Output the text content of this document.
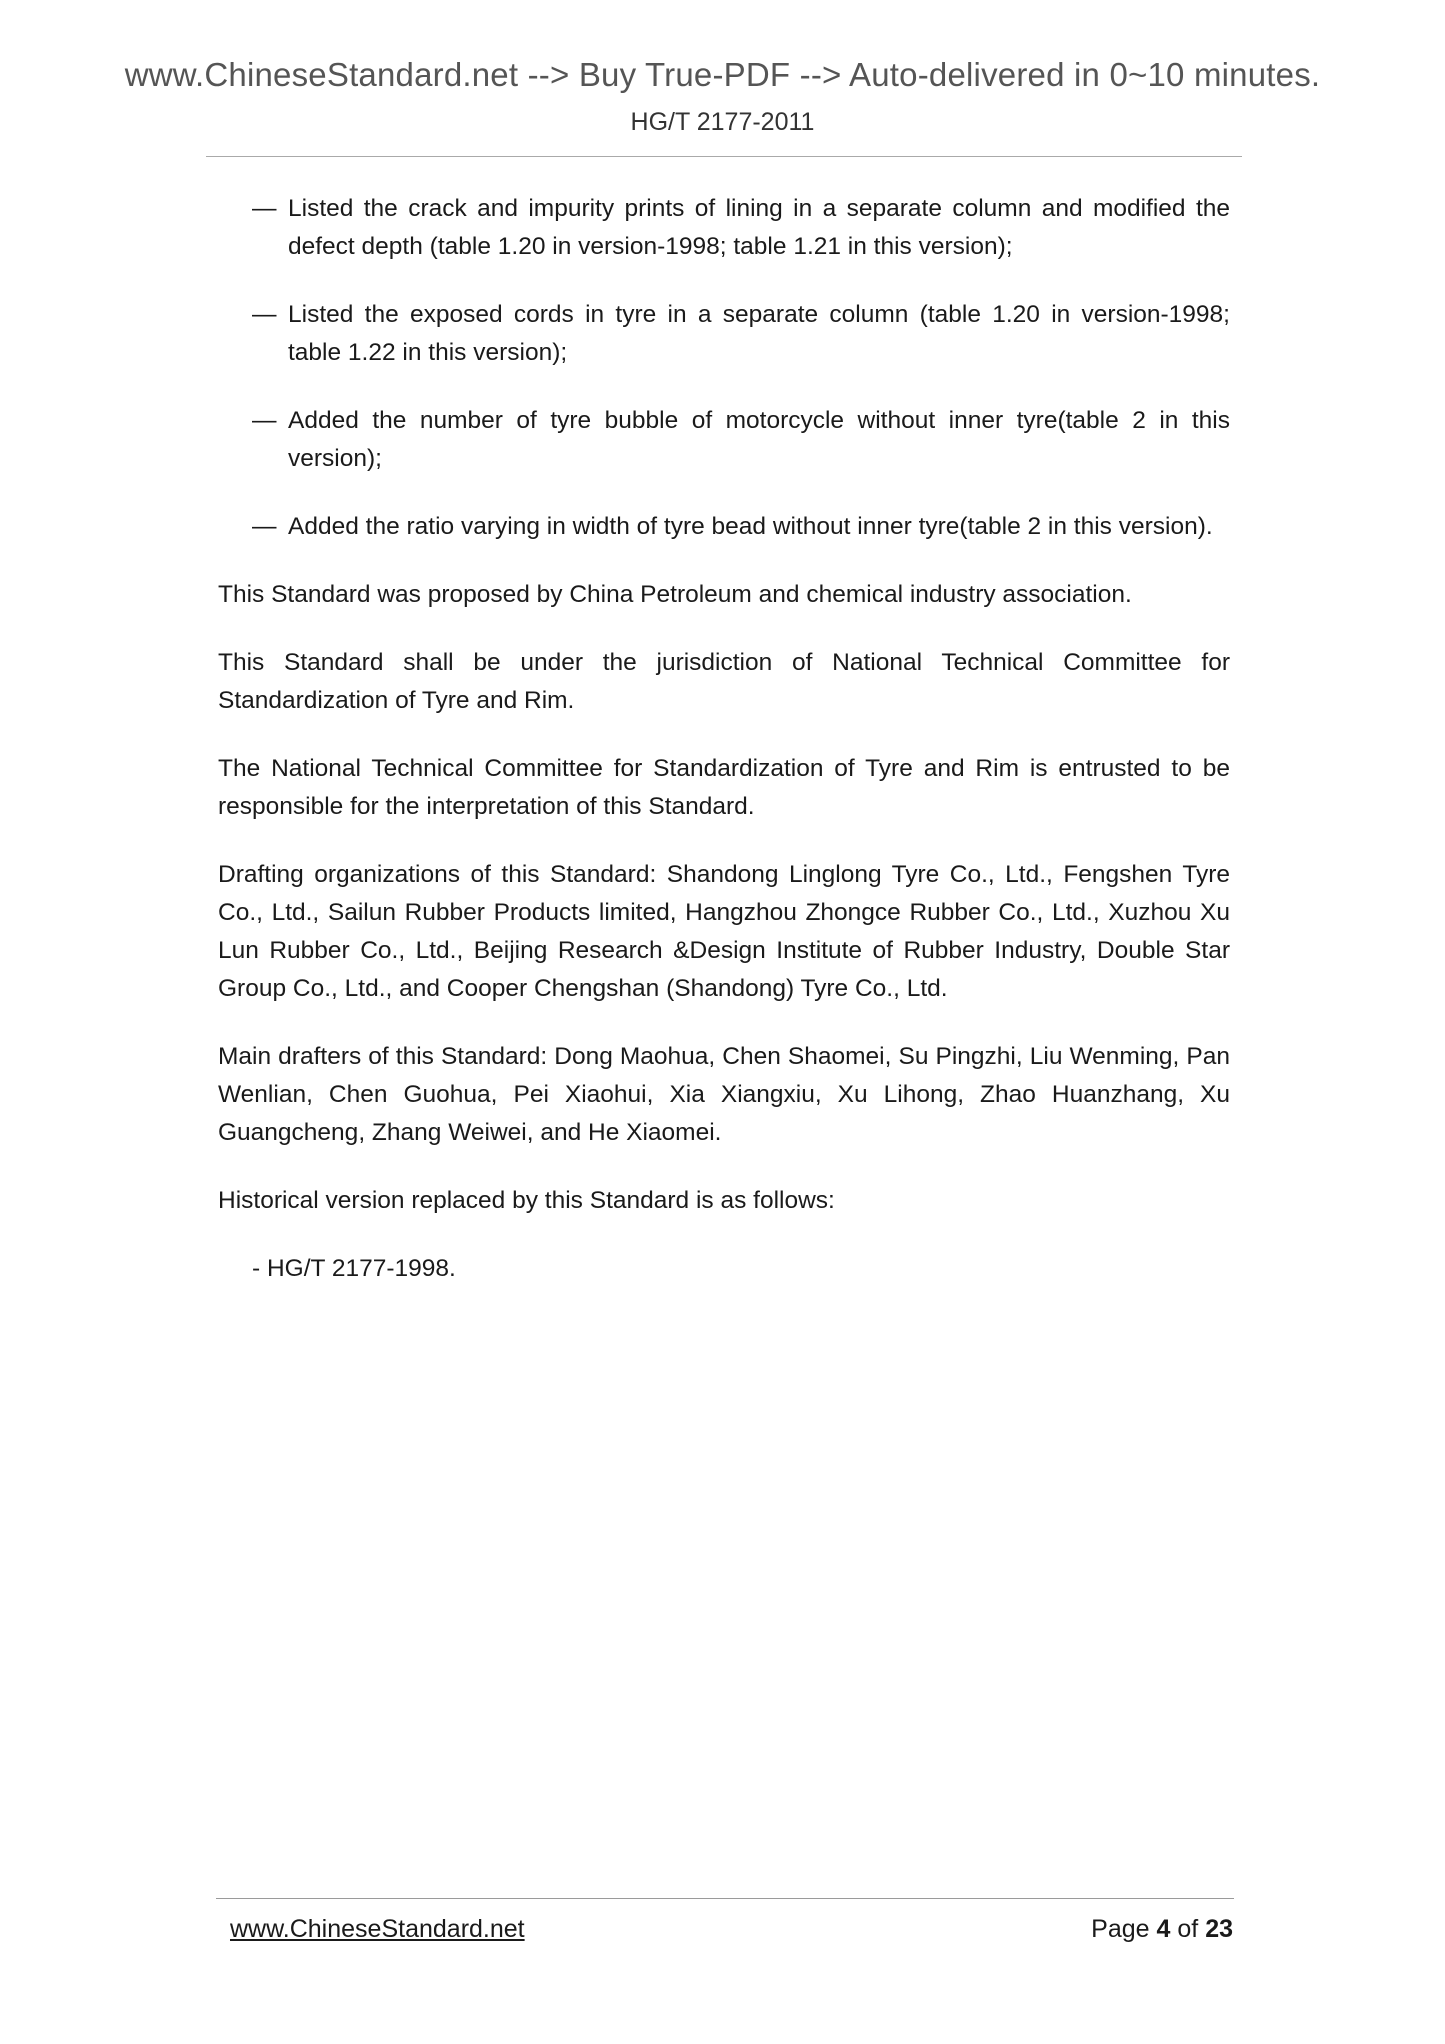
www.ChineseStandard.net --> Buy True-PDF --> Auto-delivered in 0~10 minutes.
HG/T 2177-2011
— Listed the crack and impurity prints of lining in a separate column and modified the defect depth (table 1.20 in version-1998; table 1.21 in this version);
— Listed the exposed cords in tyre in a separate column (table 1.20 in version-1998; table 1.22 in this version);
— Added the number of tyre bubble of motorcycle without inner tyre(table 2 in this version);
— Added the ratio varying in width of tyre bead without inner tyre(table 2 in this version).

This Standard was proposed by China Petroleum and chemical industry association.

This Standard shall be under the jurisdiction of National Technical Committee for Standardization of Tyre and Rim.

The National Technical Committee for Standardization of Tyre and Rim is entrusted to be responsible for the interpretation of this Standard.

Drafting organizations of this Standard: Shandong Linglong Tyre Co., Ltd., Fengshen Tyre Co., Ltd., Sailun Rubber Products limited, Hangzhou Zhongce Rubber Co., Ltd., Xuzhou Xu Lun Rubber Co., Ltd., Beijing Research &Design Institute of Rubber Industry, Double Star Group Co., Ltd., and Cooper Chengshan (Shandong) Tyre Co., Ltd.

Main drafters of this Standard: Dong Maohua, Chen Shaomei, Su Pingzhi, Liu Wenming, Pan Wenlian, Chen Guohua, Pei Xiaohui, Xia Xiangxiu, Xu Lihong, Zhao Huanzhang, Xu Guangcheng, Zhang Weiwei, and He Xiaomei.

Historical version replaced by this Standard is as follows:

- HG/T 2177-1998.

www.ChineseStandard.net	Page 4 of 23
